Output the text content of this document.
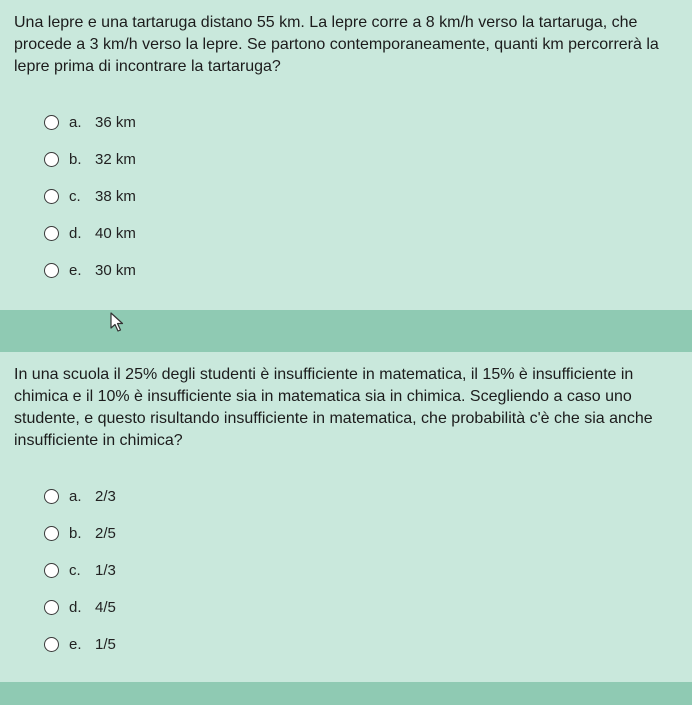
Una lepre e una tartaruga distano 55 km. La lepre corre a 8 km/h verso la tartaruga, che procede a 3 km/h verso la lepre. Se partono contemporaneamente, quanti km percorrerà la lepre prima di incontrare la tartaruga?

a. 36 km
b. 32 km
c. 38 km
d. 40 km
e. 30 km

In una scuola il 25% degli studenti è insufficiente in matematica, il 15% è insufficiente in chimica e il 10% è insufficiente sia in matematica sia in chimica. Scegliendo a caso uno studente, e questo risultando insufficiente in matematica, che probabilità c'è che sia anche insufficiente in chimica?

a. 2/3
b. 2/5
c. 1/3
d. 4/5
e. 1/5
